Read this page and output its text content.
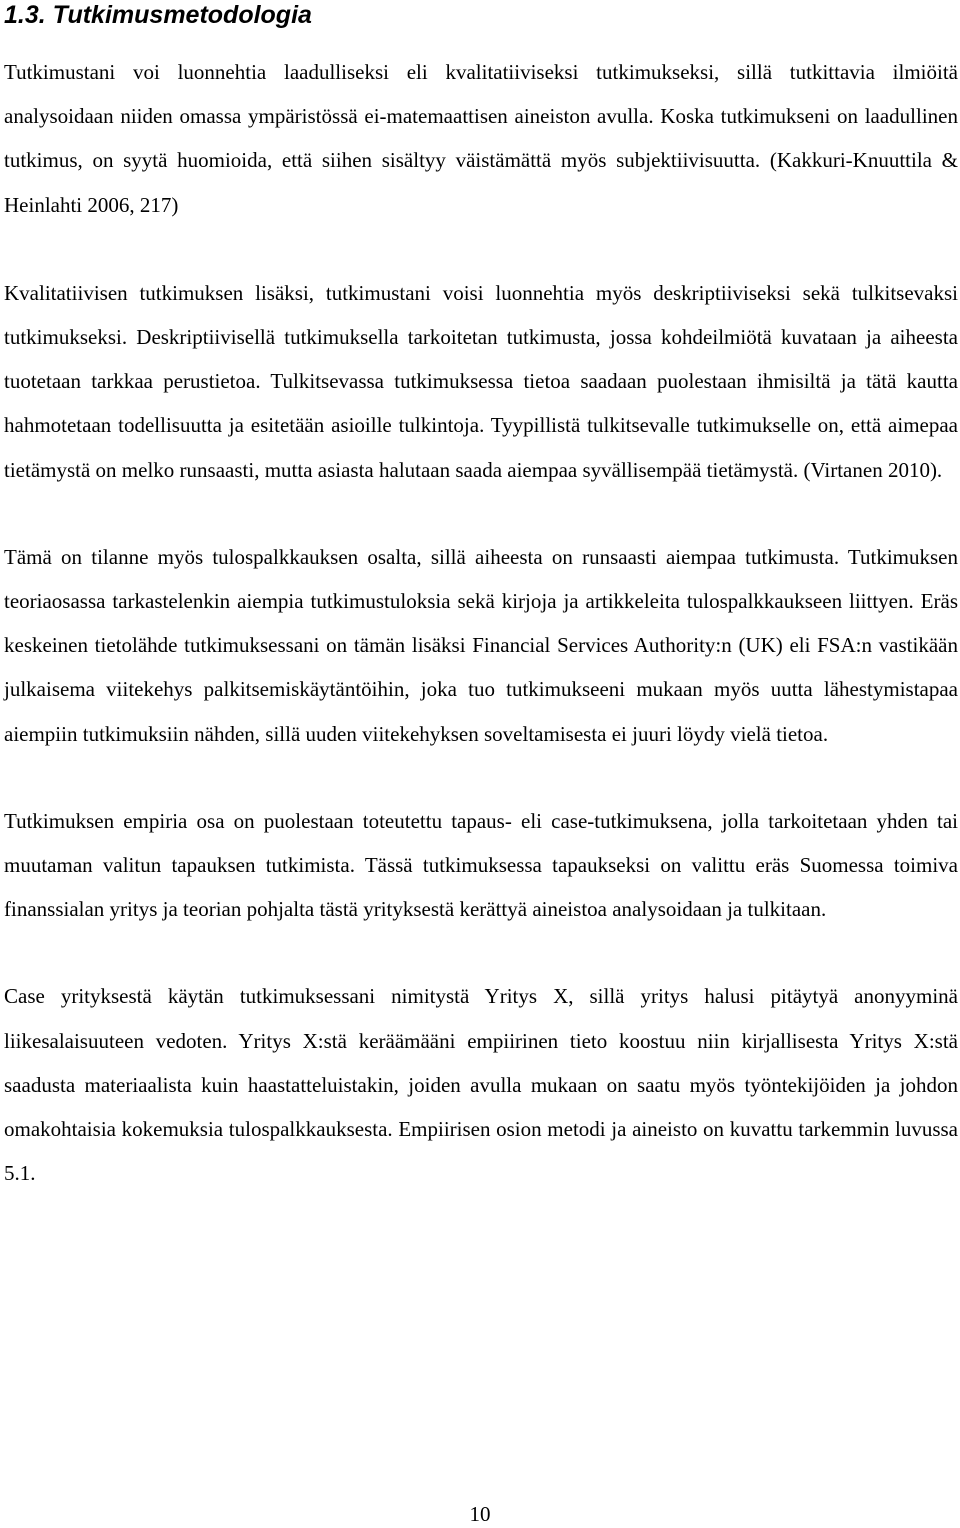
1.3. Tutkimusmetodologia

Tutkimustani voi luonnehtia laadulliseksi eli kvalitatiiviseksi tutkimukseksi, sillä tutkittavia ilmiöitä analysoidaan niiden omassa ympäristössä ei-matemaattisen aineiston avulla. Koska tutkimukseni on laadullinen tutkimus, on syytä huomioida, että siihen sisältyy väistämättä myös subjektiivisuutta. (Kakkuri-Knuuttila & Heinlahti 2006, 217)

Kvalitatiivisen tutkimuksen lisäksi, tutkimustani voisi luonnehtia myös deskriptiiviseksi sekä tulkitsevaksi tutkimukseksi. Deskriptiivisellä tutkimuksella tarkoitetan tutkimusta, jossa kohdeilmiötä kuvataan ja aiheesta tuotetaan tarkkaa perustietoa. Tulkitsevassa tutkimuksessa tietoa saadaan puolestaan ihmisiltä ja tätä kautta hahmotetaan todellisuutta ja esitetään asioille tulkintoja. Tyypillistä tulkitsevalle tutkimukselle on, että aimepaa tietämystä on melko runsaasti, mutta asiasta halutaan saada aiempaa syvällisempää tietämystä. (Virtanen 2010).

Tämä on tilanne myös tulospalkkauksen osalta, sillä aiheesta on runsaasti aiempaa tutkimusta. Tutkimuksen teoriaosassa tarkastelenkin aiempia tutkimustuloksia sekä kirjoja ja artikkeleita tulospalkkaukseen liittyen. Eräs keskeinen tietolähde tutkimuksessani on tämän lisäksi Financial Services Authority:n (UK) eli FSA:n vastikään julkaisema viitekehys palkitsemiskäytäntöihin, joka tuo tutkimukseeni mukaan myös uutta lähestymistapaa aiempiin tutkimuksiin nähden, sillä uuden viitekehyksen soveltamisesta ei juuri löydy vielä tietoa.

Tutkimuksen empiria osa on puolestaan toteutettu tapaus- eli case-tutkimuksena, jolla tarkoitetaan yhden tai muutaman valitun tapauksen tutkimista. Tässä tutkimuksessa tapaukseksi on valittu eräs Suomessa toimiva finanssialan yritys ja teorian pohjalta tästä yrityksestä kerättyä aineistoa analysoidaan ja tulkitaan.

Case yrityksestä käytän tutkimuksessani nimitystä Yritys X, sillä yritys halusi pitäytyä anonyyminä liikesalaisuuteen vedoten. Yritys X:stä keräämääni empiirinen tieto koostuu niin kirjallisesta Yritys X:stä saadusta materiaalista kuin haastatteluistakin, joiden avulla mukaan on saatu myös työntekijöiden ja johdon omakohtaisia kokemuksia tulospalkkauksesta. Empiirisen osion metodi ja aineisto on kuvattu tarkemmin luvussa 5.1.

10
